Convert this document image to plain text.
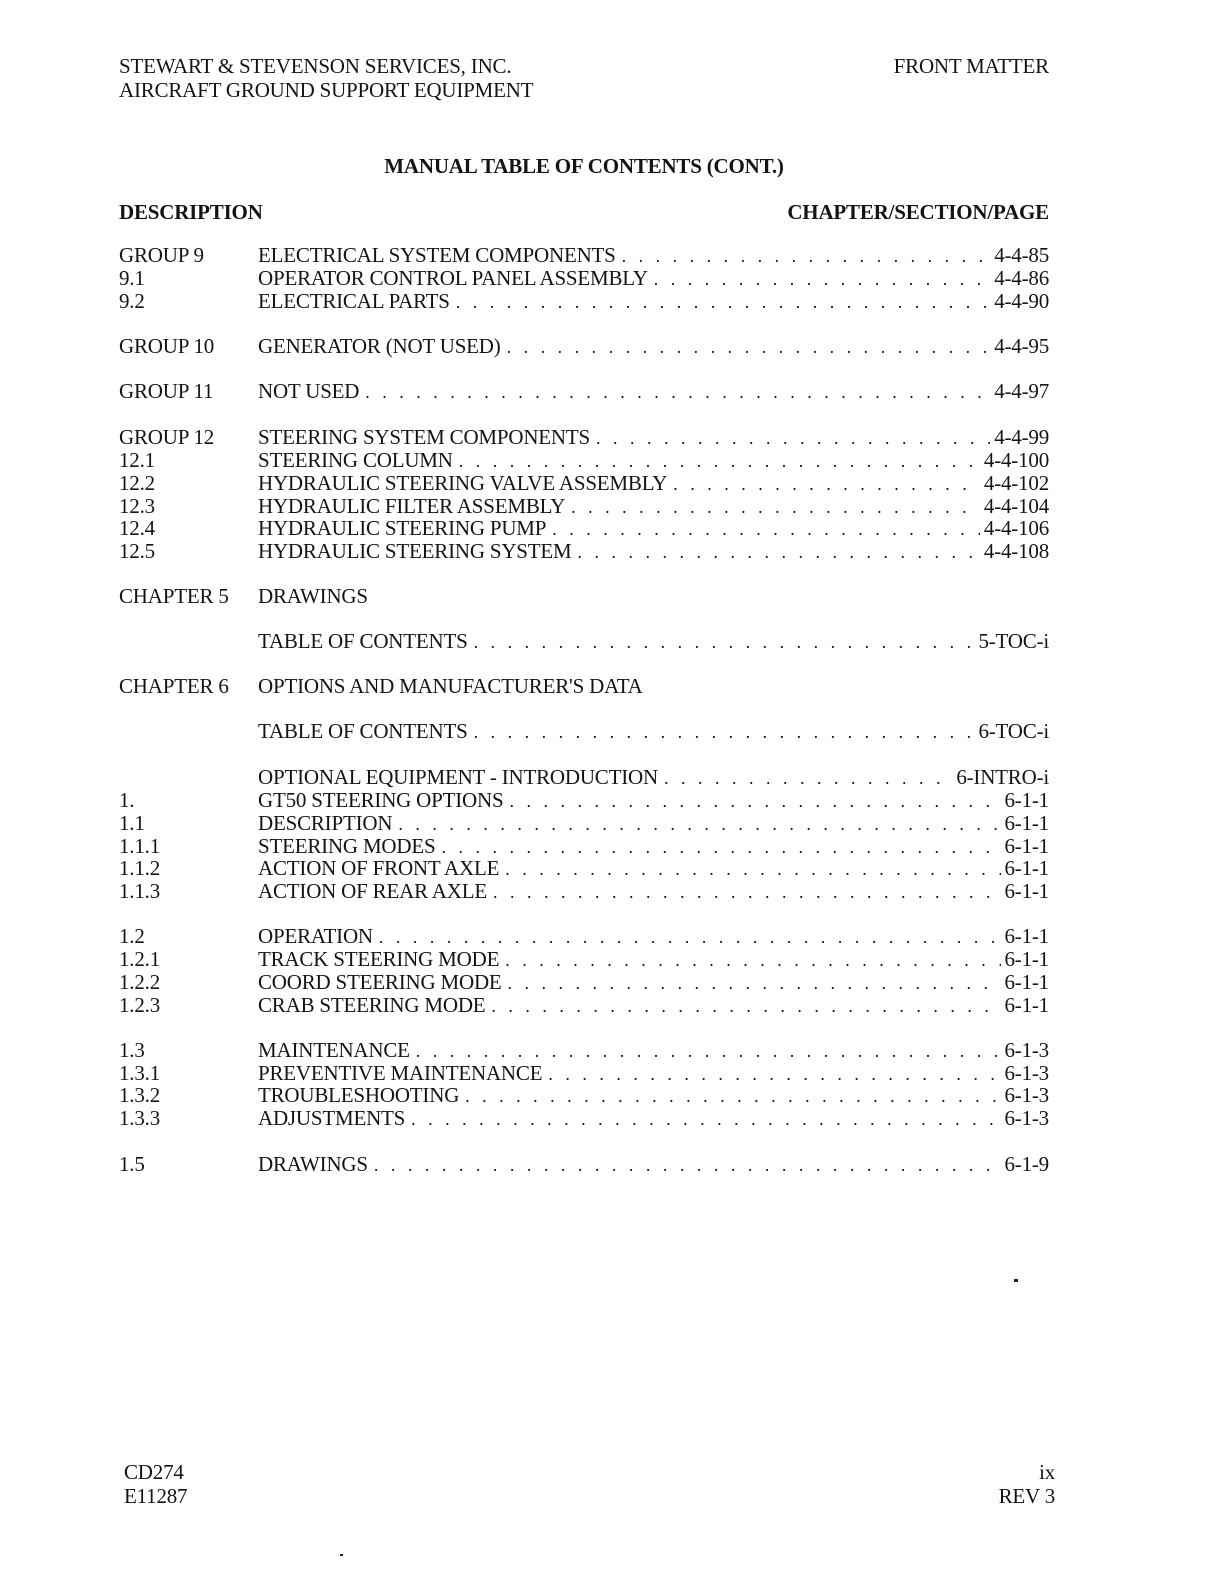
STEWART & STEVENSON SERVICES, INC.
AIRCRAFT GROUND SUPPORT EQUIPMENT
FRONT MATTER
MANUAL TABLE OF CONTENTS (CONT.)
DESCRIPTION	CHAPTER/SECTION/PAGE
GROUP 9	ELECTRICAL SYSTEM COMPONENTS . . .	4-4-85
9.1	OPERATOR CONTROL PANEL ASSEMBLY . . .	4-4-86
9.2	ELECTRICAL PARTS . . .	4-4-90
GROUP 10 GENERATOR (NOT USED) . . .	4-4-95
GROUP 11 NOT USED . . .	4-4-97
GROUP 12 STEERING SYSTEM COMPONENTS . . .	4-4-99
12.1	STEERING COLUMN . . .	4-4-100
12.2	HYDRAULIC STEERING VALVE ASSEMBLY . . .	4-4-102
12.3	HYDRAULIC FILTER ASSEMBLY . . .	4-4-104
12.4	HYDRAULIC STEERING PUMP . . .	4-4-106
12.5	HYDRAULIC STEERING SYSTEM . . .	4-4-108
CHAPTER 5 DRAWINGS
TABLE OF CONTENTS . . .	5-TOC-i
CHAPTER 6 OPTIONS AND MANUFACTURER'S DATA
TABLE OF CONTENTS . . .	6-TOC-i
OPTIONAL EQUIPMENT - INTRODUCTION . . .	6-INTRO-i
1.	GT50 STEERING OPTIONS . . .	6-1-1
1.1	DESCRIPTION . . .	6-1-1
1.1.1	STEERING MODES . . .	6-1-1
1.1.2	ACTION OF FRONT AXLE . . .	6-1-1
1.1.3	ACTION OF REAR AXLE . . .	6-1-1
1.2	OPERATION . . .	6-1-1
1.2.1	TRACK STEERING MODE . . .	6-1-1
1.2.2	COORD STEERING MODE . . .	6-1-1
1.2.3	CRAB STEERING MODE . . .	6-1-1
1.3	MAINTENANCE . . .	6-1-3
1.3.1	PREVENTIVE MAINTENANCE . . .	6-1-3
1.3.2	TROUBLESHOOTING . . .	6-1-3
1.3.3	ADJUSTMENTS . . .	6-1-3
1.5	DRAWINGS . . .	6-1-9
CD274
E11287
ix
REV 3
